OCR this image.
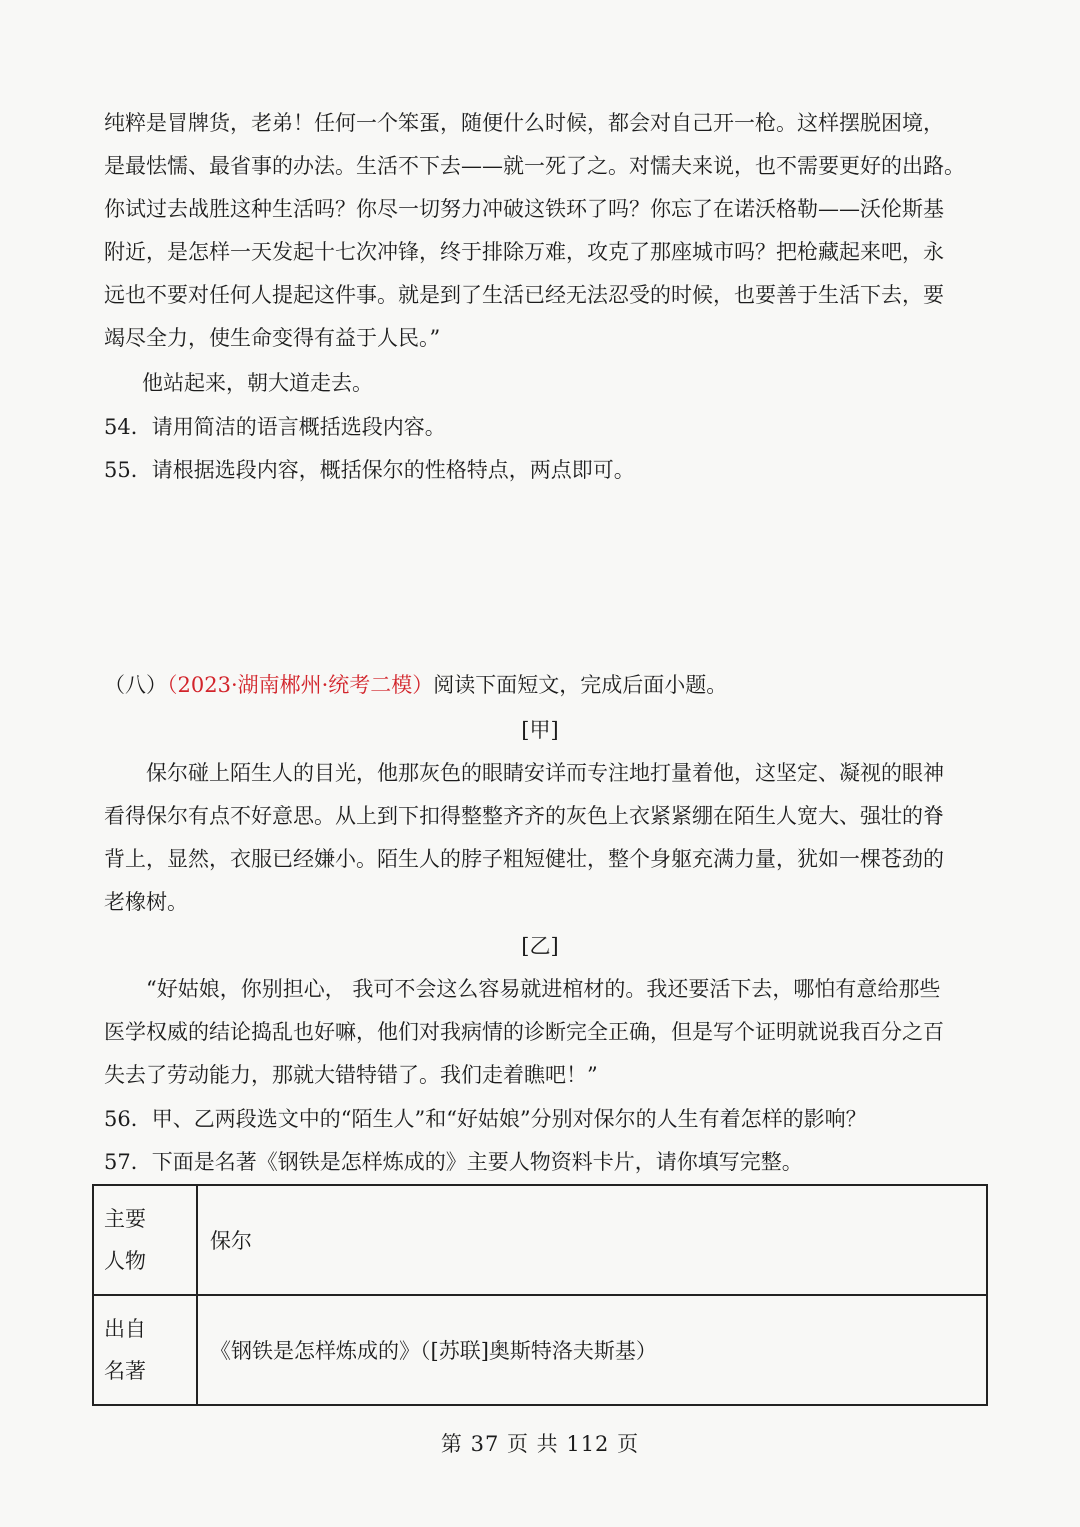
纯粹是冒牌货，老弟！任何一个笨蛋，随便什么时候，都会对自己开一枪。这样摆脱困境，
是最怯懦、最省事的办法。生活不下去——就一死了之。对懦夫来说，也不需要更好的出路。
你试过去战胜这种生活吗？你尽一切努力冲破这铁环了吗？你忘了在诺沃格勒——沃伦斯基
附近，是怎样一天发起十七次冲锋，终于排除万难，攻克了那座城市吗？把枪藏起来吧，永
远也不要对任何人提起这件事。就是到了生活已经无法忍受的时候，也要善于生活下去，要
竭尽全力，使生命变得有益于人民。”
他站起来，朝大道走去。
54．请用简洁的语言概括选段内容。
55．请根据选段内容，概括保尔的性格特点，两点即可。
（八）（2023·湖南郴州·统考二模）阅读下面短文，完成后面小题。
[甲]
保尔碰上陌生人的目光，他那灰色的眼睛安详而专注地打量着他，这坚定、凝视的眼神
看得保尔有点不好意思。从上到下扣得整整齐齐的灰色上衣紧紧绷在陌生人宽大、强壮的脊
背上，显然，衣服已经嫌小。陌生人的脖子粗短健壮，整个身躯充满力量，犹如一棵苍劲的
老橡树。
[乙]
“好姑娘，你别担心， 我可不会这么容易就进棺材的。我还要活下去，哪怕有意给那些
医学权威的结论捣乱也好嘛，他们对我病情的诊断完全正确，但是写个证明就说我百分之百
失去了劳动能力，那就大错特错了。我们走着瞧吧！”
56．甲、乙两段选文中的“陌生人”和“好姑娘”分别对保尔的人生有着怎样的影响？
57．下面是名著《钢铁是怎样炼成的》主要人物资料卡片，请你填写完整。
主要
人物	保尔

出自
名著	《钢铁是怎样炼成的》（[苏联]奥斯特洛夫斯基）
第 37 页 共 112 页
